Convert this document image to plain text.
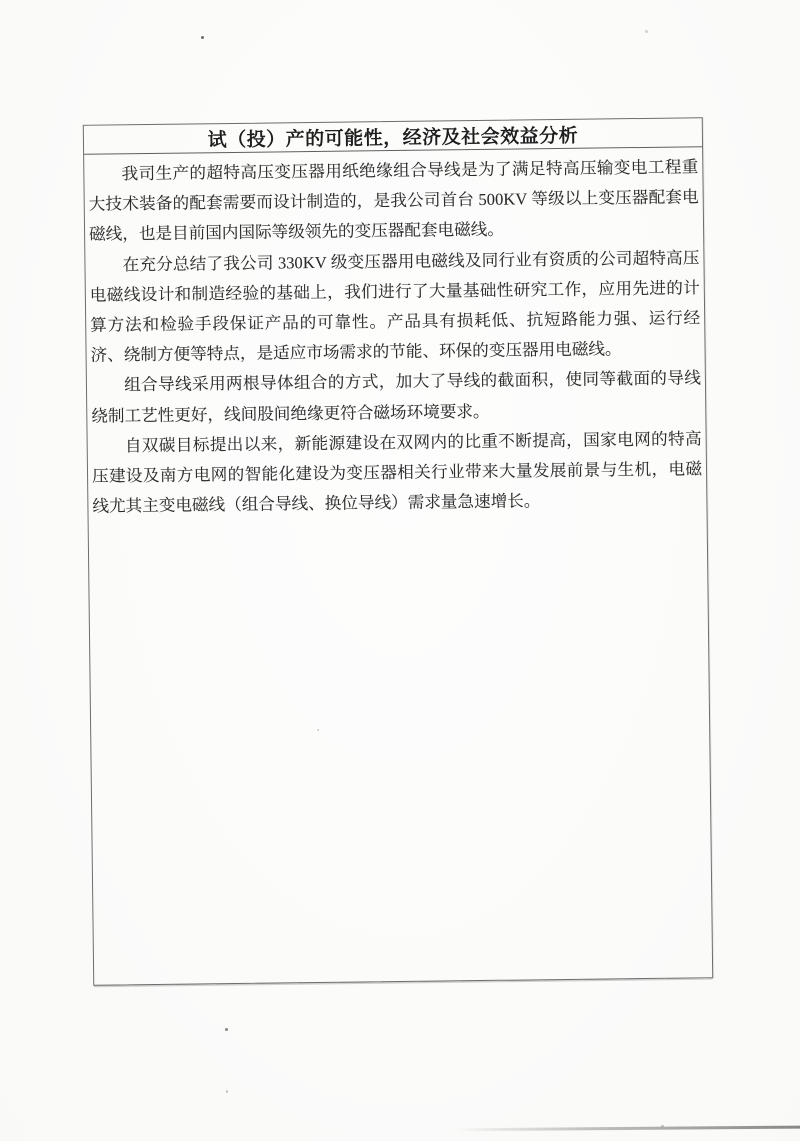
试（投）产的可能性，经济及社会效益分析

我司生产的超特高压变压器用纸绝缘组合导线是为了满足特高压输变电工程重大技术装备的配套需要而设计制造的，是我公司首台 500KV 等级以上变压器配套电磁线，也是目前国内国际等级领先的变压器配套电磁线。

在充分总结了我公司 330KV 级变压器用电磁线及同行业有资质的公司超特高压电磁线设计和制造经验的基础上，我们进行了大量基础性研究工作，应用先进的计算方法和检验手段保证产品的可靠性。产品具有损耗低、抗短路能力强、运行经济、绕制方便等特点，是适应市场需求的节能、环保的变压器用电磁线。

组合导线采用两根导体组合的方式，加大了导线的截面积，使同等截面的导线绕制工艺性更好，线间股间绝缘更符合磁场环境要求。

自双碳目标提出以来，新能源建设在双网内的比重不断提高，国家电网的特高压建设及南方电网的智能化建设为变压器相关行业带来大量发展前景与生机，电磁线尤其主变电磁线（组合导线、换位导线）需求量急速增长。
